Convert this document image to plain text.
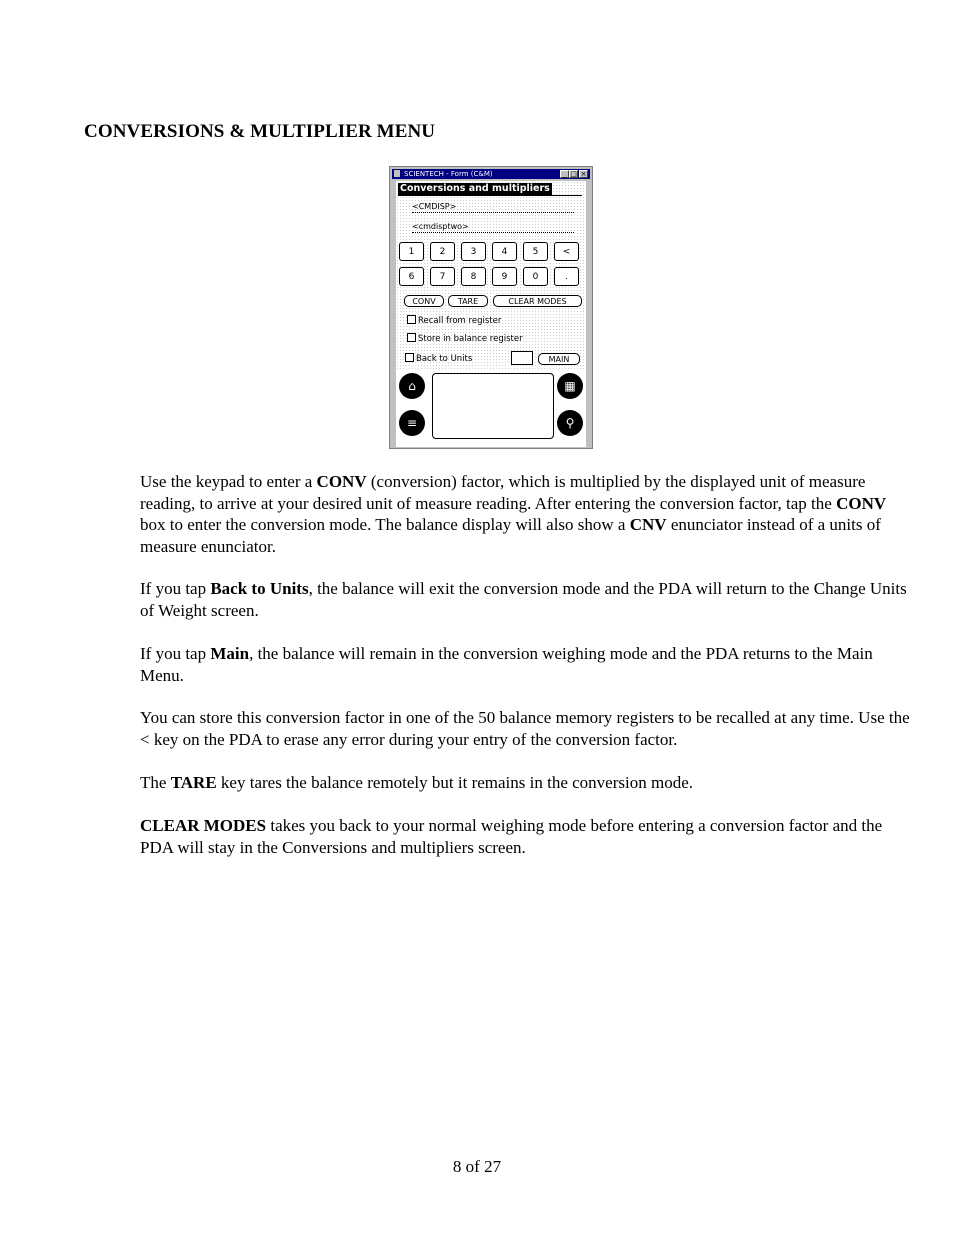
CONVERSIONS & MULTIPLIER MENU
SCIENTECH - Form (C&M)	_ □ ×
Conversions and multipliers
<CMDISP>
<cmdisptwo>
1	2	3	4	5	<
6	7	8	9	0	.
CONV	TARE	CLEAR MODES
Recall from register
Store in balance register
Back to Units	MAIN
⌂	▦
≡	⚲

Use the keypad to enter a CONV (conversion) factor, which is multiplied by the displayed unit of measure reading, to arrive at your desired unit of measure reading. After entering the conversion factor, tap the CONV box to enter the conversion mode. The balance display will also show a CNV enunciator instead of a units of measure enunciator.

If you tap Back to Units, the balance will exit the conversion mode and the PDA will return to the Change Units of Weight screen.

If you tap Main, the balance will remain in the conversion weighing mode and the PDA returns to the Main Menu.

You can store this conversion factor in one of the 50 balance memory registers to be recalled at any time. Use the < key on the PDA to erase any error during your entry of the conversion factor.

The TARE key tares the balance remotely but it remains in the conversion mode.

CLEAR MODES takes you back to your normal weighing mode before entering a conversion factor and the PDA will stay in the Conversions and multipliers screen.

8 of 27
